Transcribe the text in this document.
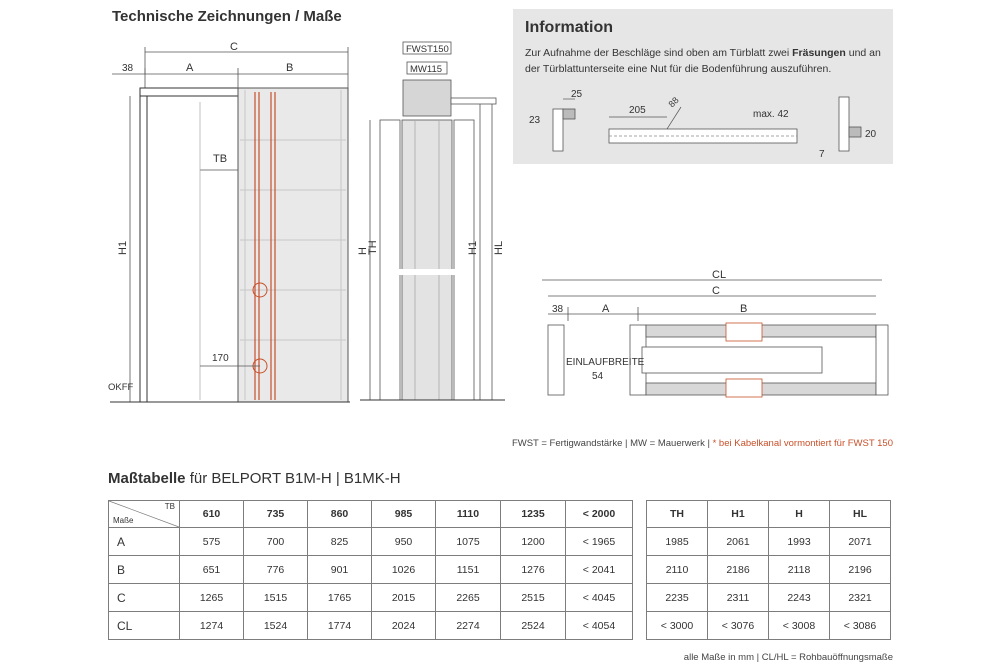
Technische Zeichnungen / Maße
C
A	B
38
TB
H1
170
OKFF
FWST150
MW115
H
TH	H1 HL
Information
Zur Aufnahme der Beschläge sind oben am Türblatt zwei Fräsungen und an der Türblattunterseite eine Nut für die Bodenführung auszuführen.
25
23
205
88
max. 42
20
7
CL
C
38	A	B
EINLAUFBREITE
54
FWST = Fertigwandstärke | MW = Mauerwerk | * bei Kabelkanal vormontiert für FWST 150
Maßtabelle für BELPORT B1M-H | B1MK-H
TB
Maße	610	735	860	985	1110	1235	< 2000
A	575	700	825	950	1075	1200	< 1965
B	651	776	901	1026	1151	1276	< 2041
C	1265	1515	1765	2015	2265	2515	< 4045
CL	1274	1524	1774	2024	2274	2524	< 4054
TH	H1	H	HL
1985	2061	1993	2071
2110	2186	2118	2196
2235	2311	2243	2321
< 3000	< 3076	< 3008	< 3086
alle Maße in mm | CL/HL = Rohbauöffnungsmaße
